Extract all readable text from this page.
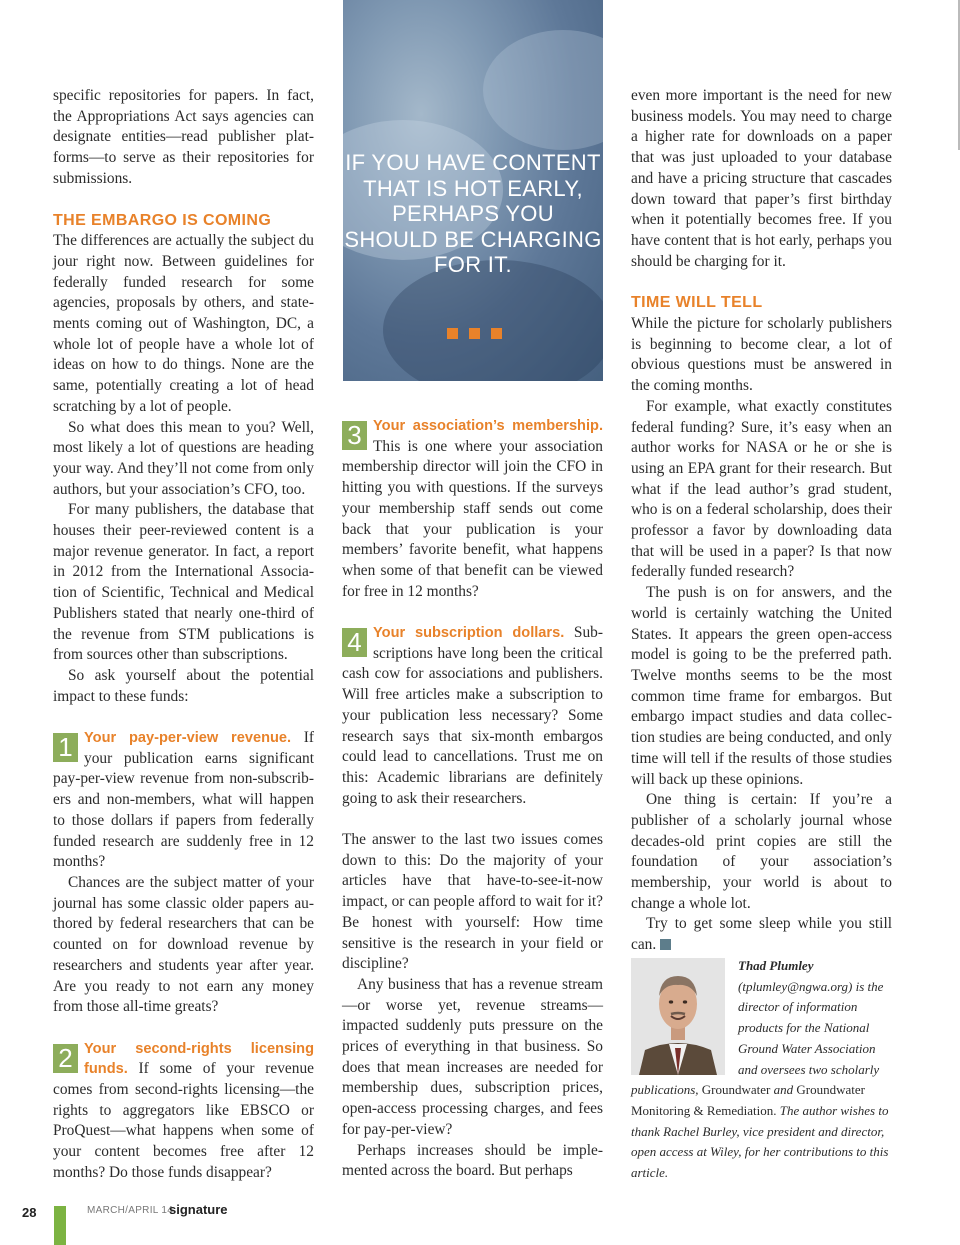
specific repositories for papers. In fact, the Appropriations Act says agencies can designate entities—read publisher platforms—to serve as their repositories for submissions.

THE EMBARGO IS COMING

The differences are actually the subject du jour right now. Between guidelines for federally funded research for some agencies, proposals by others, and statements coming out of Washington, DC, a whole lot of people have a whole lot of ideas on how to do things. None are the same, potentially creating a lot of head scratching by a lot of people.

So what does this mean to you? Well, most likely a lot of questions are heading your way. And they’ll not come from only authors, but your association’s CFO, too.

For many publishers, the database that houses their peer-reviewed content is a major revenue generator. In fact, a report in 2012 from the International Association of Scientific, Technical and Medical Publishers stated that nearly one-third of the revenue from STM publications is from sources other than subscriptions.

So ask yourself about the potential impact to these funds:

1 Your pay-per-view revenue. If your publication earns significant pay-per-view revenue from non-subscribers and non-members, what will happen to those dollars if papers from federally funded research are suddenly free in 12 months?

Chances are the subject matter of your journal has some classic older papers authored by federal researchers that can be counted on for download revenue by researchers and students year after year. Are you ready to not earn any money from those all-time greats?

2 Your second-rights licensing funds. If some of your revenue comes from second-rights licensing—the rights to aggregators like EBSCO or ProQuest—what happens when some of your content becomes free after 12 months? Do those funds disappear?
IF YOU HAVE CONTENT THAT IS HOT EARLY, PERHAPS YOU SHOULD BE CHARGING FOR IT.
3 Your association’s membership. This is one where your association membership director will join the CFO in hitting you with questions. If the surveys your membership staff sends out come back that your publication is your members’ favorite benefit, what happens when some of that benefit can be viewed for free in 12 months?
4 Your subscription dollars. Subscriptions have long been the critical cash cow for associations and publishers. Will free articles make a subscription to your publication less necessary? Some research says that six-month embargos could lead to cancellations. Trust me on this: Academic librarians are definitely going to ask their researchers.

The answer to the last two issues comes down to this: Do the majority of your articles have that have-to-see-it-now impact, or can people afford to wait for it? Be honest with yourself: How time sensitive is the research in your field or discipline?

Any business that has a revenue stream—or worse yet, revenue streams—impacted suddenly puts pressure on the prices of everything in that business. So does that mean increases are needed for membership dues, subscription prices, open-access processing charges, and fees for pay-per-view?

Perhaps increases should be implemented across the board. But perhaps

even more important is the need for new business models. You may need to charge a higher rate for downloads on a paper that was just uploaded to your database and have a pricing structure that cascades down toward that paper’s first birthday when it potentially becomes free. If you have content that is hot early, perhaps you should be charging for it.

TIME WILL TELL

While the picture for scholarly publishers is beginning to become clear, a lot of obvious questions must be answered in the coming months.

For example, what exactly constitutes federal funding? Sure, it’s easy when an author works for NASA or he or she is using an EPA grant for their research. But what if the lead author’s grad student, who is on a federal scholarship, does their professor a favor by downloading data that will be used in a paper? Is that now federally funded research?

The push is on for answers, and the world is certainly watching the United States. It appears the green open-access model is going to be the preferred path. Twelve months seems to be the most common time frame for embargos. But embargo impact studies and data collection studies are being conducted, and only time will tell if the results of those studies will back up these opinions.

One thing is certain: If you’re a publisher of a scholarly journal whose decades-old print copies are still the foundation of your association’s membership, your world is about to change a whole lot.

Try to get some sleep while you still can.

Thad Plumley (tplumley@ngwa.org) is the director of information products for the National Ground Water Association and oversees two scholarly publications, Groundwater and Groundwater Monitoring & Remediation. The author wishes to thank Rachel Burley, vice president and director, open access at Wiley, for her contributions to this article.
28	MARCH/APRIL 14
signature
